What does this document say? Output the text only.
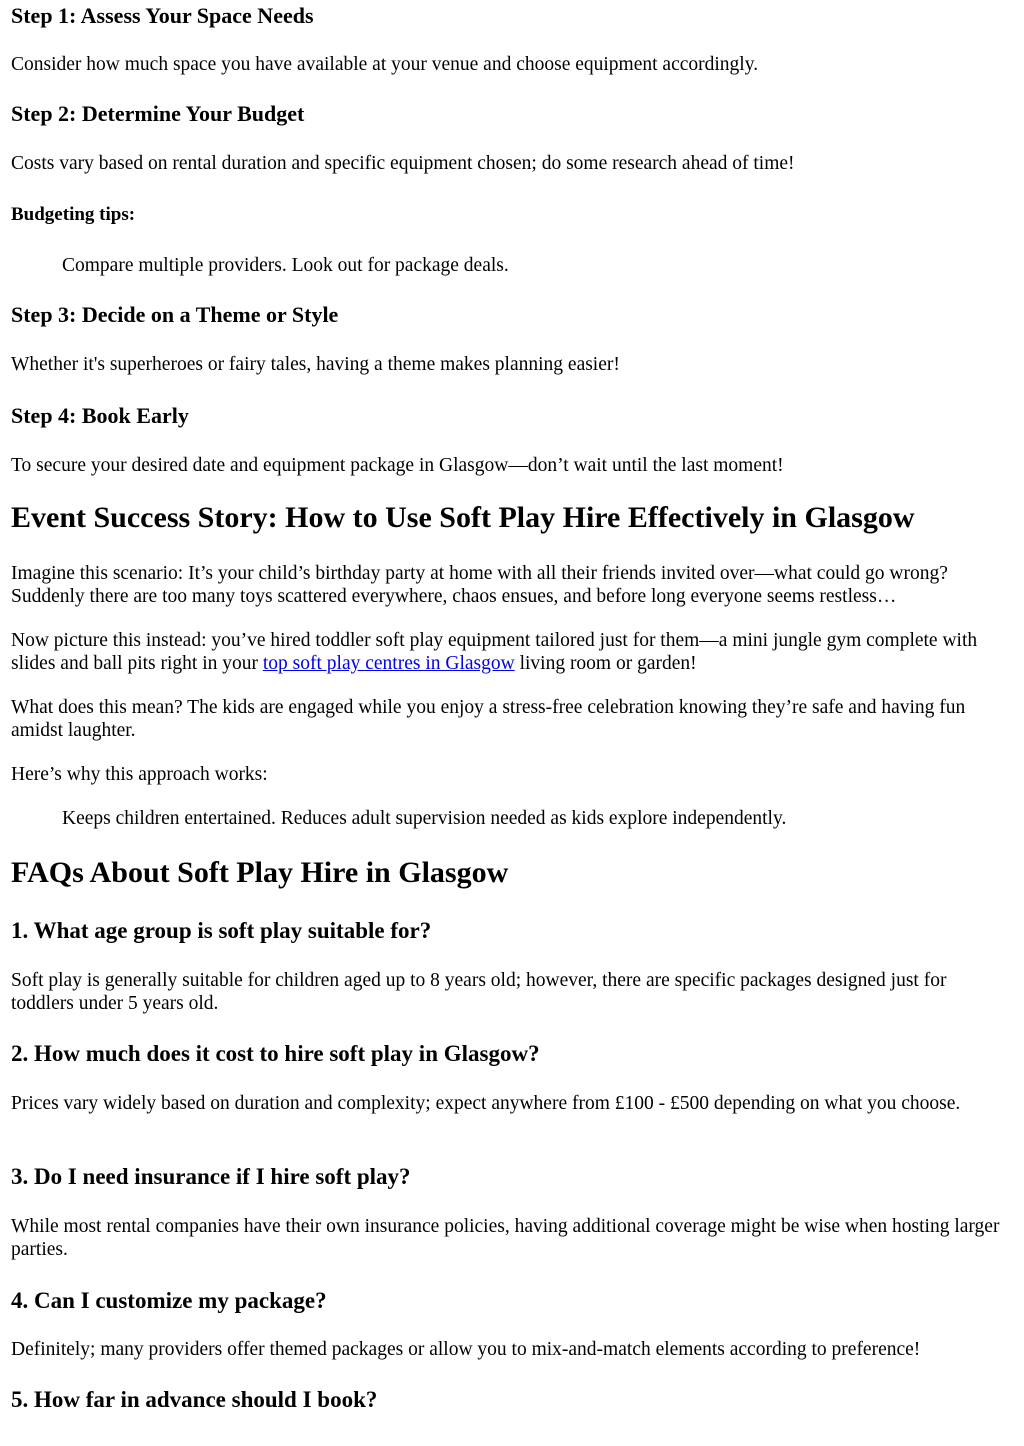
Step 1: Assess Your Space Needs

Consider how much space you have available at your venue and choose equipment accordingly.

Step 2: Determine Your Budget

Costs vary based on rental duration and specific equipment chosen; do some research ahead of time!

Budgeting tips:

Compare multiple providers. Look out for package deals.

Step 3: Decide on a Theme or Style

Whether it's superheroes or fairy tales, having a theme makes planning easier!

Step 4: Book Early

To secure your desired date and equipment package in Glasgow—don’t wait until the last moment!

Event Success Story: How to Use Soft Play Hire Effectively in Glasgow

Imagine this scenario: It’s your child’s birthday party at home with all their friends invited over—what could go wrong? Suddenly there are too many toys scattered everywhere, chaos ensues, and before long everyone seems restless…

Now picture this instead: you’ve hired toddler soft play equipment tailored just for them—a mini jungle gym complete with slides and ball pits right in your top soft play centres in Glasgow living room or garden!

What does this mean? The kids are engaged while you enjoy a stress-free celebration knowing they’re safe and having fun amidst laughter.

Here’s why this approach works:

Keeps children entertained. Reduces adult supervision needed as kids explore independently.

FAQs About Soft Play Hire in Glasgow
1. What age group is soft play suitable for?

Soft play is generally suitable for children aged up to 8 years old; however, there are specific packages designed just for toddlers under 5 years old.

2. How much does it cost to hire soft play in Glasgow?

Prices vary widely based on duration and complexity; expect anywhere from £100 - £500 depending on what you choose.

3. Do I need insurance if I hire soft play?

While most rental companies have their own insurance policies, having additional coverage might be wise when hosting larger parties.

4. Can I customize my package?

Definitely; many providers offer themed packages or allow you to mix-and-match elements according to preference!

5. How far in advance should I book?
